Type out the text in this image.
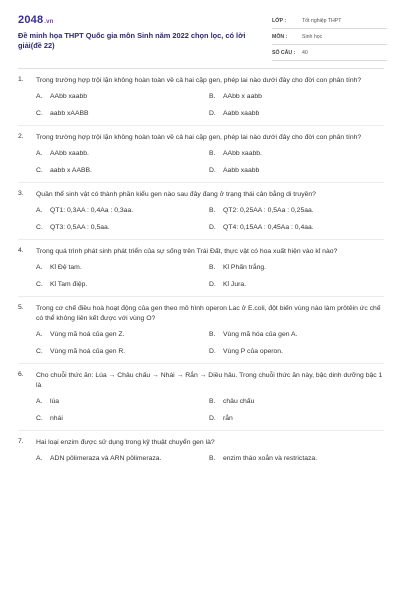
2048.vn
Đề minh họa THPT Quốc gia môn Sinh năm 2022 chọn lọc, có lời giải(đề 22)
LỚP :	Tốt nghiệp THPT
MÔN :	Sinh học
SỐ CÂU :	40
1.	Trong trường hợp trội lặn không hoàn toàn về cả hai cặp gen, phép lai nào dưới đây cho đời con phân tính?
A.	AAbb xaabb	B.	AAbb x aabb
C.	aabb xAABB	D.	Aabb xaabb
2.	Trong trường hợp trội lặn không hoàn toàn về cả hai cặp gen, phép lai nào dưới đây cho đời con phân tính?
A.	AAbb xaabb.	B.	AAbb xaabb.
C.	aabb x AABB.	D.	Aabb xaabb
3.	Quần thể sinh vật có thành phần kiểu gen nào sau đây đang ở trạng thái cân bằng di truyền?
A.	QT1: 0,3AA : 0,4Aa : 0,3aa.	B.	QT2: 0,25AA : 0,5Aa : 0,25aa.
C.	QT3: 0,5AA : 0,5aa.	D.	QT4: 0,15AA : 0,45Aa : 0,4aa.
4.	Trong quá trình phát sinh phát triển của sự sống trên Trái Đất, thực vật có hoa xuất hiện vào kỉ nào?
A.	Kỉ Đệ tam.	B.	Kỉ Phấn trắng.
C.	Kỉ Tam điệp.	D.	Kỉ Jura.
5.	Trong cơ chế điều hoà hoạt động của gen theo mô hình operon Lac ở E.coli, đột biến vùng nào làm prôtêin ức chế có thể không liên kết được với vùng O?
A.	Vùng mã hoá của gen Z.	B.	Vùng mã hóa của gen A.
C.	Vùng mã hoá của gen R.	D.	Vùng P của operon.
6.	Cho chuỗi thức ăn: Lúa → Châu chấu → Nhái → Rắn → Diều hâu. Trong chuỗi thức ăn này, bậc dinh dưỡng bậc 1 là
A.	lúa	B.	châu chấu
C.	nhái	D.	rắn
7.	Hai loại enzim được sử dụng trong kỹ thuật chuyển gen là?
A.	ADN pôlimeraza và ARN pôlimeraza.	B.	enzim tháo xoắn và restrictaza.
